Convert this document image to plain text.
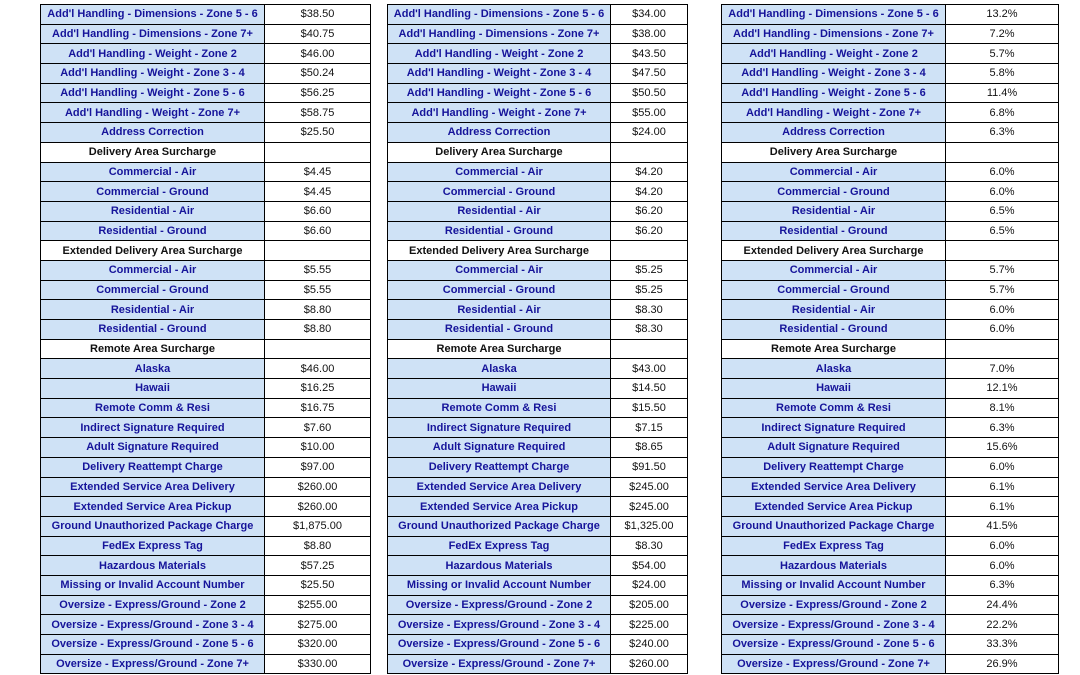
Add'l Handling - Dimensions - Zone 5 - 6	$38.50
Add'l Handling - Dimensions - Zone 7+	$40.75
Add'l Handling - Weight - Zone 2	$46.00
Add'l Handling - Weight - Zone 3 - 4	$50.24
Add'l Handling - Weight - Zone 5 - 6	$56.25
Add'l Handling - Weight - Zone 7+	$58.75
Address Correction	$25.50
Delivery Area Surcharge	
Commercial - Air	$4.45
Commercial - Ground	$4.45
Residential - Air	$6.60
Residential - Ground	$6.60
Extended Delivery Area Surcharge	
Commercial - Air	$5.55
Commercial - Ground	$5.55
Residential - Air	$8.80
Residential - Ground	$8.80
Remote Area Surcharge	
Alaska	$46.00
Hawaii	$16.25
Remote Comm & Resi	$16.75
Indirect Signature Required	$7.60
Adult Signature Required	$10.00
Delivery Reattempt Charge	$97.00
Extended Service Area Delivery	$260.00
Extended Service Area Pickup	$260.00
Ground Unauthorized Package Charge	$1,875.00
FedEx Express Tag	$8.80
Hazardous Materials	$57.25
Missing or Invalid Account Number	$25.50
Oversize - Express/Ground - Zone 2	$255.00
Oversize - Express/Ground - Zone 3 - 4	$275.00
Oversize - Express/Ground - Zone 5 - 6	$320.00
Oversize - Express/Ground - Zone 7+	$330.00
Add'l Handling - Dimensions - Zone 5 - 6	$34.00
Add'l Handling - Dimensions - Zone 7+	$38.00
Add'l Handling - Weight - Zone 2	$43.50
Add'l Handling - Weight - Zone 3 - 4	$47.50
Add'l Handling - Weight - Zone 5 - 6	$50.50
Add'l Handling - Weight - Zone 7+	$55.00
Address Correction	$24.00
Delivery Area Surcharge	
Commercial - Air	$4.20
Commercial - Ground	$4.20
Residential - Air	$6.20
Residential - Ground	$6.20
Extended Delivery Area Surcharge	
Commercial - Air	$5.25
Commercial - Ground	$5.25
Residential - Air	$8.30
Residential - Ground	$8.30
Remote Area Surcharge	
Alaska	$43.00
Hawaii	$14.50
Remote Comm & Resi	$15.50
Indirect Signature Required	$7.15
Adult Signature Required	$8.65
Delivery Reattempt Charge	$91.50
Extended Service Area Delivery	$245.00
Extended Service Area Pickup	$245.00
Ground Unauthorized Package Charge	$1,325.00
FedEx Express Tag	$8.30
Hazardous Materials	$54.00
Missing or Invalid Account Number	$24.00
Oversize - Express/Ground - Zone 2	$205.00
Oversize - Express/Ground - Zone 3 - 4	$225.00
Oversize - Express/Ground - Zone 5 - 6	$240.00
Oversize - Express/Ground - Zone 7+	$260.00
Add'l Handling - Dimensions - Zone 5 - 6	13.2%
Add'l Handling - Dimensions - Zone 7+	7.2%
Add'l Handling - Weight - Zone 2	5.7%
Add'l Handling - Weight - Zone 3 - 4	5.8%
Add'l Handling - Weight - Zone 5 - 6	11.4%
Add'l Handling - Weight - Zone 7+	6.8%
Address Correction	6.3%
Delivery Area Surcharge	
Commercial - Air	6.0%
Commercial - Ground	6.0%
Residential - Air	6.5%
Residential - Ground	6.5%
Extended Delivery Area Surcharge	
Commercial - Air	5.7%
Commercial - Ground	5.7%
Residential - Air	6.0%
Residential - Ground	6.0%
Remote Area Surcharge	
Alaska	7.0%
Hawaii	12.1%
Remote Comm & Resi	8.1%
Indirect Signature Required	6.3%
Adult Signature Required	15.6%
Delivery Reattempt Charge	6.0%
Extended Service Area Delivery	6.1%
Extended Service Area Pickup	6.1%
Ground Unauthorized Package Charge	41.5%
FedEx Express Tag	6.0%
Hazardous Materials	6.0%
Missing or Invalid Account Number	6.3%
Oversize - Express/Ground - Zone 2	24.4%
Oversize - Express/Ground - Zone 3 - 4	22.2%
Oversize - Express/Ground - Zone 5 - 6	33.3%
Oversize - Express/Ground - Zone 7+	26.9%
